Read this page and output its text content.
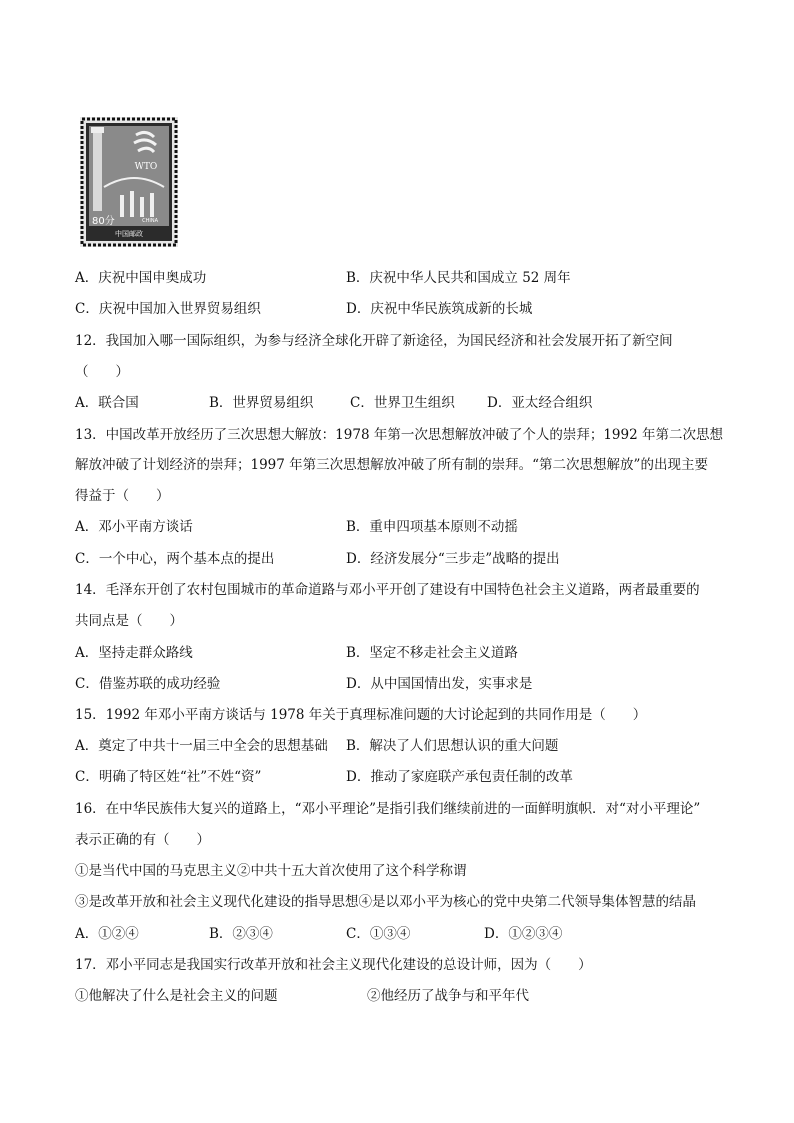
WTO
80分	CHINA
中国邮政
A．庆祝中国申奥成功	B．庆祝中华人民共和国成立 52 周年
C．庆祝中国加入世界贸易组织	D．庆祝中华民族筑成新的长城
12．我国加入哪一国际组织，为参与经济全球化开辟了新途径，为国民经济和社会发展开拓了新空间
（　　）
A．联合国	B．世界贸易组织	C．世界卫生组织 D．亚太经合组织
13．中国改革开放经历了三次思想大解放：1978 年第一次思想解放冲破了个人的崇拜；1992 年第二次思想
解放冲破了计划经济的崇拜；1997 年第三次思想解放冲破了所有制的崇拜。“第二次思想解放”的出现主要
得益于（　　）
A．邓小平南方谈话	B．重申四项基本原则不动摇
C．一个中心，两个基本点的提出	D．经济发展分“三步走”战略的提出
14．毛泽东开创了农村包围城市的革命道路与邓小平开创了建设有中国特色社会主义道路，两者最重要的
共同点是（　　）
A．坚持走群众路线	B．坚定不移走社会主义道路
C．借鉴苏联的成功经验	D．从中国国情出发，实事求是
15．1992 年邓小平南方谈话与 1978 年关于真理标准问题的大讨论起到的共同作用是（　　）
A．奠定了中共十一届三中全会的思想基础 B．解决了人们思想认识的重大问题
C．明确了特区姓“社”不姓“资”	D．推动了家庭联产承包责任制的改革
16．在中华民族伟大复兴的道路上，“邓小平理论”是指引我们继续前进的一面鲜明旗帜．对“对小平理论”
表示正确的有（　　）
①是当代中国的马克思主义②中共十五大首次使用了这个科学称谓
③是改革开放和社会主义现代化建设的指导思想④是以邓小平为核心的党中央第二代领导集体智慧的结晶
A．①②④	B．②③④	C．①③④	D．①②③④
17．邓小平同志是我国实行改革开放和社会主义现代化建设的总设计师，因为（　　）
①他解决了什么是社会主义的问题	②他经历了战争与和平年代
